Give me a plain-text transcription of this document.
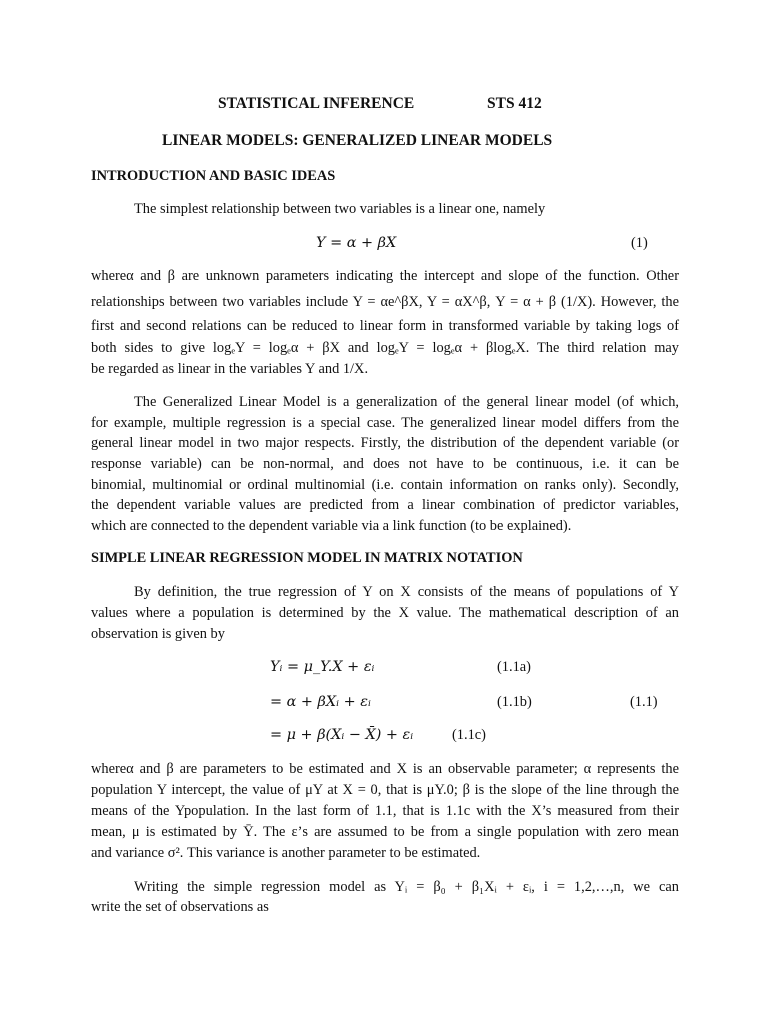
STATISTICAL INFERENCE	STS 412
LINEAR MODELS: GENERALIZED LINEAR MODELS
INTRODUCTION AND BASIC IDEAS
The simplest relationship between two variables is a linear one, namely
Y = α + βX	(1)
whereα and β are unknown parameters indicating the intercept and slope of the function. Other
relationships between two variables include Y = αe^βX, Y = αX^β, Y = α + β (1/X). However, the
first and second relations can be reduced to linear form in transformed variable by taking logs of
both sides to give logₑY = logₑα + βX and logₑY = logₑα + βlogₑX. The third relation may
be regarded as linear in the variables Y and 1/X.
The Generalized Linear Model is a generalization of the general linear model (of which,
for example, multiple regression is a special case. The generalized linear model differs from the
general linear model in two major respects. Firstly, the distribution of the dependent variable (or
response variable) can be non-normal, and does not have to be continuous, i.e. it can be
binomial, multinomial or ordinal multinomial (i.e. contain information on ranks only). Secondly,
the dependent variable values are predicted from a linear combination of predictor variables,
which are connected to the dependent variable via a link function (to be explained).
SIMPLE LINEAR REGRESSION MODEL IN MATRIX NOTATION
By definition, the true regression of Y on X consists of the means of populations of Y
values where a population is determined by the X value. The mathematical description of an
observation is given by
Yᵢ = μ_Y.X + εᵢ	(1.1a)
= α + βXᵢ + εᵢ	(1.1b)	(1.1)
= μ + β(Xᵢ − X̄) + εᵢ	(1.1c)
whereα and β are parameters to be estimated and X is an observable parameter; α represents the
population Y intercept, the value of μY at X = 0, that is μY.0; β is the slope of the line through the
means of the Ypopulation. In the last form of 1.1, that is 1.1c with the X’s measured from their
mean, μ is estimated by Ȳ. The ε’s are assumed to be from a single population with zero mean
and variance σ². This variance is another parameter to be estimated.
Writing the simple regression model as Yᵢ = β₀ + β₁Xᵢ + εᵢ, i = 1,2,…,n, we can
write the set of observations as
